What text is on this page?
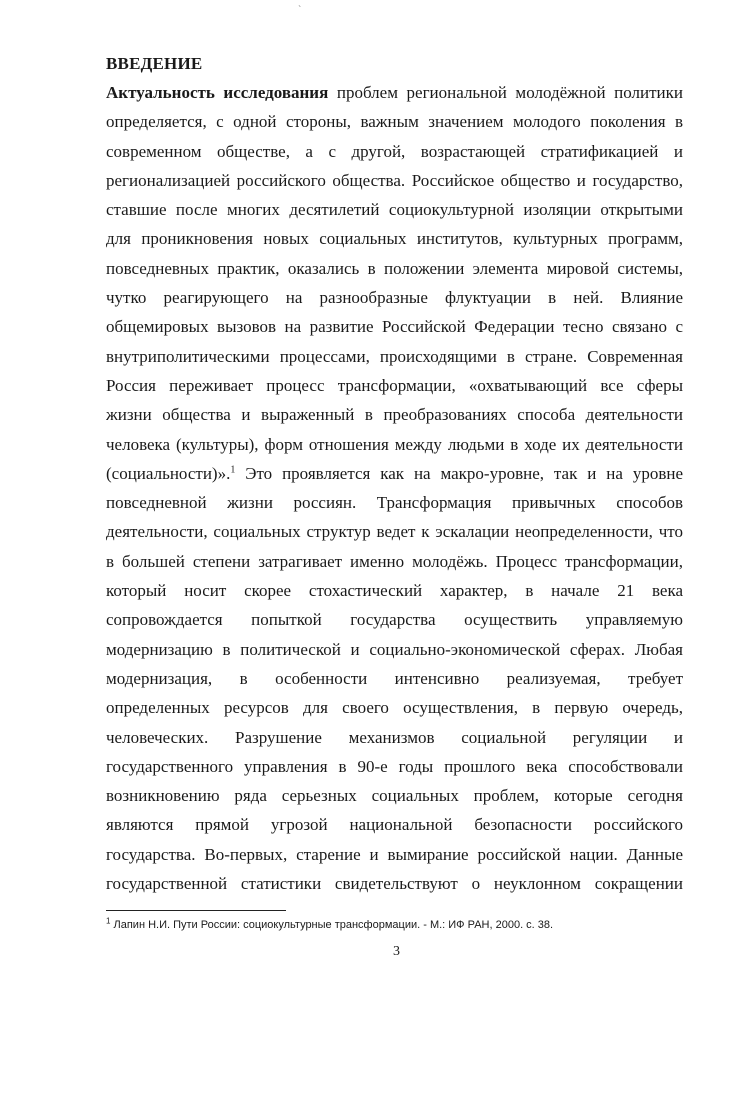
`
ВВЕДЕНИЕ
Актуальность исследования проблем региональной молодёжной политики
определяется, с одной стороны, важным значением молодого поколения в
современном обществе, а с другой, возрастающей стратификацией и
регионализацией российского общества. Российское общество и государство,
ставшие после многих десятилетий социокультурной изоляции открытыми
для проникновения новых социальных институтов, культурных программ,
повседневных практик, оказались в положении элемента мировой системы,
чутко реагирующего на разнообразные флуктуации в ней. Влияние
общемировых вызовов на развитие Российской Федерации тесно связано с
внутриполитическими процессами, происходящими в стране. Современная
Россия переживает процесс трансформации, «охватывающий все сферы
жизни общества и выраженный в преобразованиях способа деятельности
человека (культуры), форм отношения между людьми в ходе их деятельности
(социальности)».$^1$ Это проявляется как на макро-уровне, так и на уровне
повседневной жизни россиян. Трансформация привычных способов
деятельности, социальных структур ведет к эскалации неопределенности, что
в большей степени затрагивает именно молодёжь. Процесс трансформации,
который носит скорее стохастический характер, в начале 21 века
сопровождается попыткой государства осуществить управляемую
модернизацию в политической и социально-экономической сферах. Любая
модернизация, в особенности интенсивно реализуемая, требует
определенных ресурсов для своего осуществления, в первую очередь,
человеческих. Разрушение механизмов социальной регуляции и
государственного управления в 90-е годы прошлого века способствовали
возникновению ряда серьезных социальных проблем, которые сегодня
являются прямой угрозой национальной безопасности российского
государства. Во-первых, старение и вымирание российской нации. Данные
государственной статистики свидетельствуют о неуклонном сокращении
$^1$ Лапин Н.И. Пути России: социокультурные трансформации. - М.: ИФ РАН, 2000. с. 38.
3
